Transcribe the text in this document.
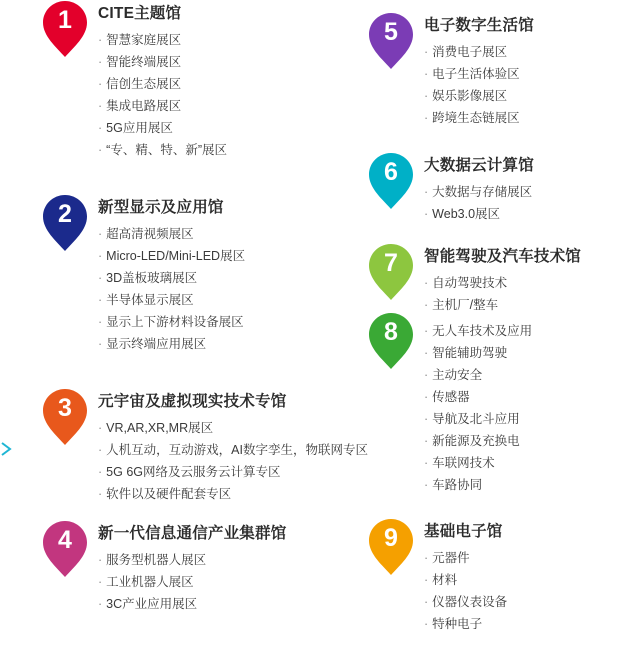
1	CITE主题馆
· 智慧家庭展区
· 智能终端展区
· 信创生态展区
· 集成电路展区
· 5G应用展区
· “专、精、特、新”展区
2	新型显示及应用馆
· 超高清视频展区
· Micro-LED/Mini-LED展区
· 3D盖板玻璃展区
· 半导体显示展区
· 显示上下游材料设备展区
· 显示终端应用展区
3	元宇宙及虚拟现实技术专馆
· VR,AR,XR,MR展区
· 人机互动，互动游戏，AI数字孪生，物联网专区
· 5G 6G网络及云服务云计算专区
· 软件以及硬件配套专区
4	新一代信息通信产业集群馆
· 服务型机器人展区
· 工业机器人展区
· 3C产业应用展区
5	电子数字生活馆
· 消费电子展区
· 电子生活体验区
· 娱乐影像展区
· 跨境生态链展区
6	大数据云计算馆
· 大数据与存储展区
· Web3.0展区
7	智能驾驶及汽车技术馆
· 自动驾驶技术
· 主机厂/整车
8	· 无人车技术及应用
· 智能辅助驾驶
· 主动安全
· 传感器
· 导航及北斗应用
· 新能源及充换电
· 车联网技术
· 车路协同
9	基础电子馆
· 元器件
· 材料
· 仪器仪表设备
· 特种电子
